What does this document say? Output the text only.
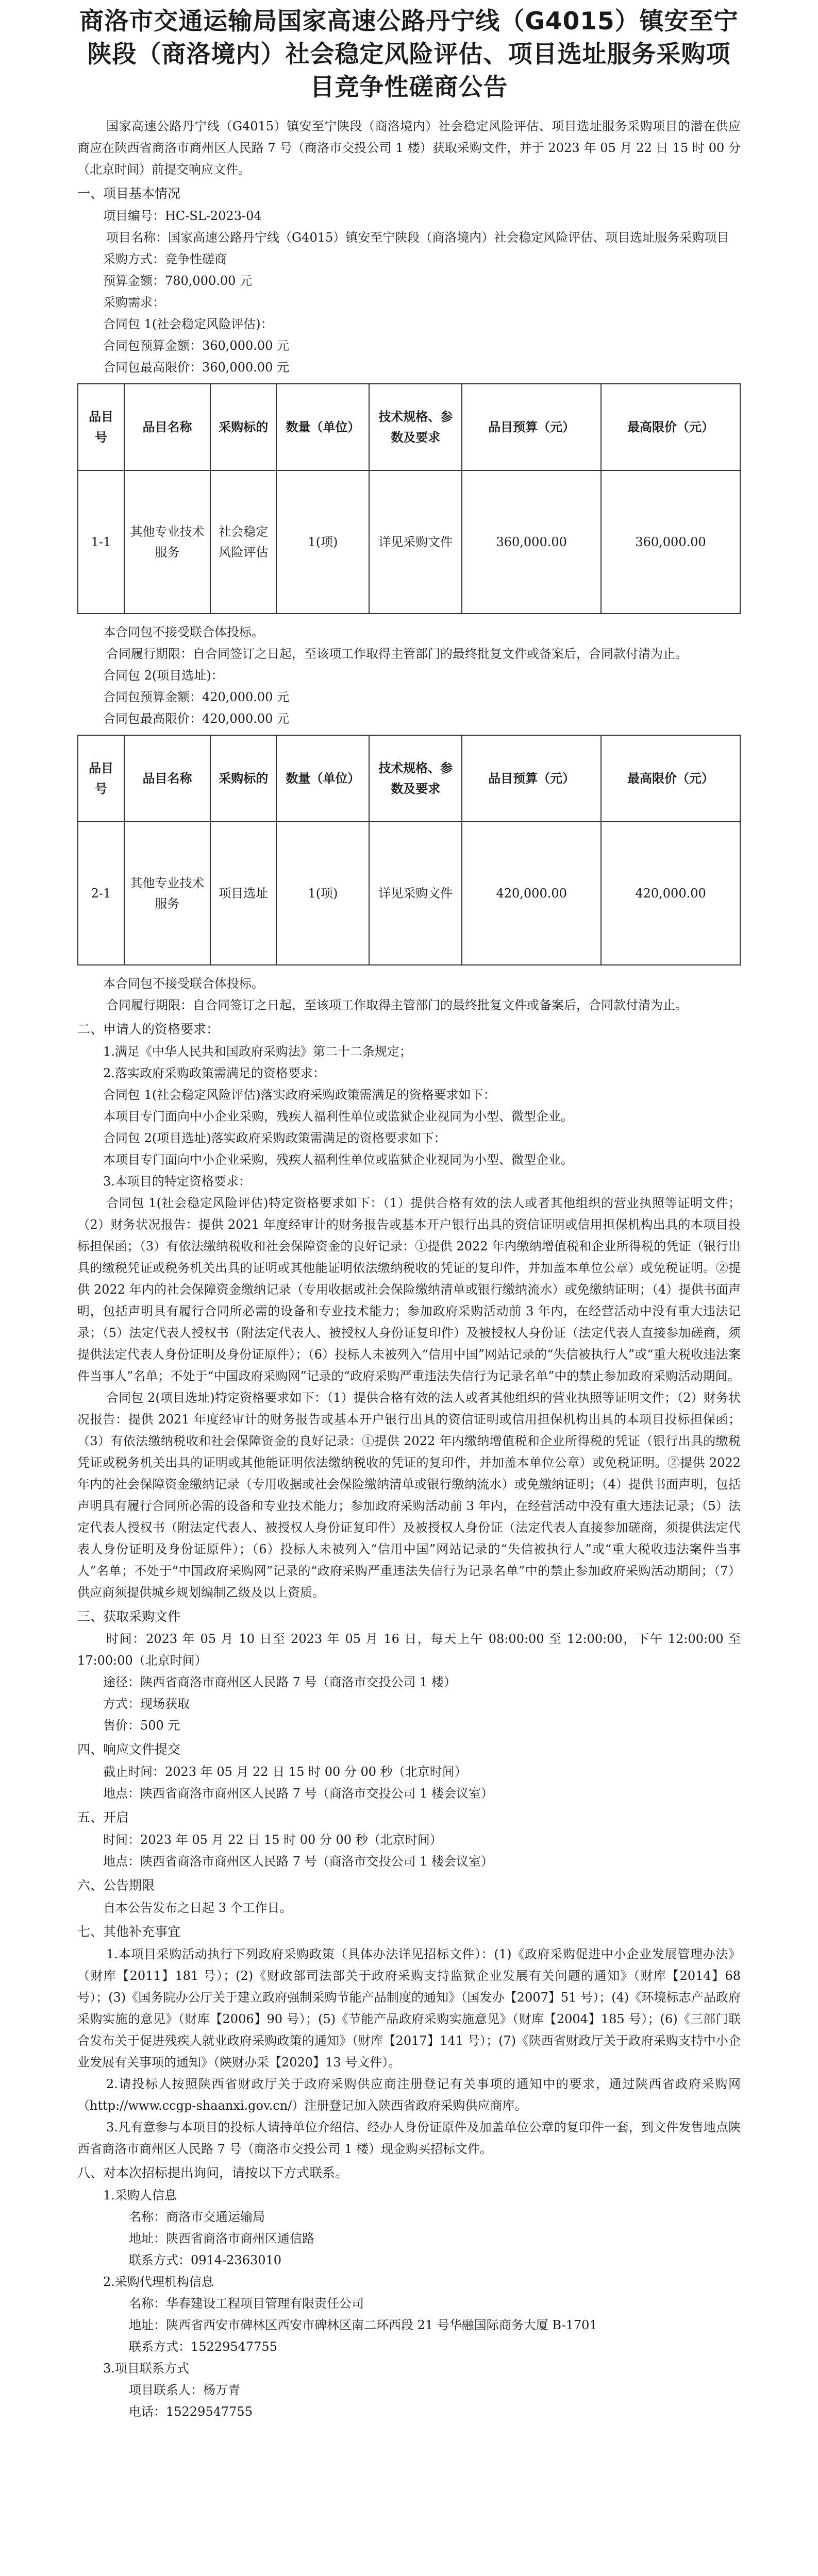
商洛市交通运输局国家高速公路丹宁线（G4015）镇安至宁陕段（商洛境内）社会稳定风险评估、项目选址服务采购项目竞争性磋商公告

国家高速公路丹宁线（G4015）镇安至宁陕段（商洛境内）社会稳定风险评估、项目选址服务采购项目的潜在供应商应在陕西省商洛市商州区人民路 7 号（商洛市交投公司 1 楼）获取采购文件，并于 2023 年 05 月 22 日 15 时 00 分（北京时间）前提交响应文件。

一、项目基本情况
项目编号：HC-SL-2023-04
项目名称：国家高速公路丹宁线（G4015）镇安至宁陕段（商洛境内）社会稳定风险评估、项目选址服务采购项目
采购方式：竞争性磋商
预算金额：780,000.00 元
采购需求：
合同包 1(社会稳定风险评估)：
合同包预算金额：360,000.00 元
合同包最高限价：360,000.00 元
品目号	品目名称	采购标的	数量（单位）	技术规格、参数及要求	品目预算（元）	最高限价（元）
1-1	其他专业技术服务	社会稳定风险评估	1(项)	详见采购文件	360,000.00	360,000.00
本合同包不接受联合体投标。
合同履行期限：自合同签订之日起，至该项工作取得主管部门的最终批复文件或备案后，合同款付清为止。
合同包 2(项目选址)：
合同包预算金额：420,000.00 元
合同包最高限价：420,000.00 元
品目号	品目名称	采购标的	数量（单位）	技术规格、参数及要求	品目预算（元）	最高限价（元）
2-1	其他专业技术服务	项目选址	1(项)	详见采购文件	420,000.00	420,000.00
本合同包不接受联合体投标。
合同履行期限：自合同签订之日起，至该项工作取得主管部门的最终批复文件或备案后，合同款付清为止。
二、申请人的资格要求：
1.满足《中华人民共和国政府采购法》第二十二条规定；
2.落实政府采购政策需满足的资格要求：
合同包 1(社会稳定风险评估)落实政府采购政策需满足的资格要求如下：
本项目专门面向中小企业采购，残疾人福利性单位或监狱企业视同为小型、微型企业。
合同包 2(项目选址)落实政府采购政策需满足的资格要求如下：
本项目专门面向中小企业采购，残疾人福利性单位或监狱企业视同为小型、微型企业。
3.本项目的特定资格要求：

合同包 1(社会稳定风险评估)特定资格要求如下：（1）提供合格有效的法人或者其他组织的营业执照等证明文件；（2）财务状况报告：提供 2021 年度经审计的财务报告或基本开户银行出具的资信证明或信用担保机构出具的本项目投标担保函；（3）有依法缴纳税收和社会保障资金的良好记录：①提供 2022 年内缴纳增值税和企业所得税的凭证（银行出具的缴税凭证或税务机关出具的证明或其他能证明依法缴纳税收的凭证的复印件，并加盖本单位公章）或免税证明。②提供 2022 年内的社会保障资金缴纳记录（专用收据或社会保险缴纳清单或银行缴纳流水）或免缴纳证明；（4）提供书面声明，包括声明具有履行合同所必需的设备和专业技术能力；参加政府采购活动前 3 年内，在经营活动中没有重大违法记录；（5）法定代表人授权书（附法定代表人、被授权人身份证复印件）及被授权人身份证（法定代表人直接参加磋商，须提供法定代表人身份证明及身份证原件）；（6）投标人未被列入“信用中国”网站记录的“失信被执行人”或“重大税收违法案件当事人”名单；不处于“中国政府采购网”记录的“政府采购严重违法失信行为记录名单”中的禁止参加政府采购活动期间。

合同包 2(项目选址)特定资格要求如下：（1）提供合格有效的法人或者其他组织的营业执照等证明文件；（2）财务状况报告：提供 2021 年度经审计的财务报告或基本开户银行出具的资信证明或信用担保机构出具的本项目投标担保函；（3）有依法缴纳税收和社会保障资金的良好记录：①提供 2022 年内缴纳增值税和企业所得税的凭证（银行出具的缴税凭证或税务机关出具的证明或其他能证明依法缴纳税收的凭证的复印件，并加盖本单位公章）或免税证明。②提供 2022 年内的社会保障资金缴纳记录（专用收据或社会保险缴纳清单或银行缴纳流水）或免缴纳证明；（4）提供书面声明，包括声明具有履行合同所必需的设备和专业技术能力；参加政府采购活动前 3 年内，在经营活动中没有重大违法记录；（5）法定代表人授权书（附法定代表人、被授权人身份证复印件）及被授权人身份证（法定代表人直接参加磋商，须提供法定代表人身份证明及身份证原件）；（6）投标人未被列入“信用中国”网站记录的“失信被执行人”或“重大税收违法案件当事人”名单；不处于“中国政府采购网”记录的“政府采购严重违法失信行为记录名单”中的禁止参加政府采购活动期间；（7）供应商须提供城乡规划编制乙级及以上资质。

三、获取采购文件
时间：2023 年 05 月 10 日至 2023 年 05 月 16 日，每天上午 08:00:00 至 12:00:00，下午 12:00:00 至 17:00:00（北京时间）
途径：陕西省商洛市商州区人民路 7 号（商洛市交投公司 1 楼）
方式：现场获取
售价：500 元
四、响应文件提交
截止时间：2023 年 05 月 22 日 15 时 00 分 00 秒（北京时间）
地点：陕西省商洛市商州区人民路 7 号（商洛市交投公司 1 楼会议室）
五、开启
时间：2023 年 05 月 22 日 15 时 00 分 00 秒（北京时间）
地点：陕西省商洛市商州区人民路 7 号（商洛市交投公司 1 楼会议室）
六、公告期限
自本公告发布之日起 3 个工作日。
七、其他补充事宜

1.本项目采购活动执行下列政府采购政策（具体办法详见招标文件）：(1)《政府采购促进中小企业发展管理办法》（财库【2011】181 号）；(2)《财政部司法部关于政府采购支持监狱企业发展有关问题的通知》（财库【2014】68 号）；(3)《国务院办公厅关于建立政府强制采购节能产品制度的通知》（国发办【2007】51 号）；(4)《环境标志产品政府采购实施的意见》（财库【2006】90 号）；(5)《节能产品政府采购实施意见》（财库【2004】185 号）；(6)《三部门联合发布关于促进残疾人就业政府采购政策的通知》（财库【2017】141 号）；(7)《陕西省财政厅关于政府采购支持中小企业发展有关事项的通知》（陕财办采【2020】13 号文件）。

2.请投标人按照陕西省财政厅关于政府采购供应商注册登记有关事项的通知中的要求，通过陕西省政府采购网（http://www.ccgp-shaanxi.gov.cn/）注册登记加入陕西省政府采购供应商库。

3.凡有意参与本项目的投标人请持单位介绍信、经办人身份证原件及加盖单位公章的复印件一套，到文件发售地点陕西省商洛市商州区人民路 7 号（商洛市交投公司 1 楼）现金购买招标文件。

八、对本次招标提出询问，请按以下方式联系。
1.采购人信息
名称：商洛市交通运输局
地址：陕西省商洛市商州区通信路
联系方式：0914-2363010
2.采购代理机构信息
名称：华春建设工程项目管理有限责任公司
地址：陕西省西安市碑林区西安市碑林区南二环西段 21 号华融国际商务大厦 B-1701
联系方式：15229547755
3.项目联系方式
项目联系人：杨万青
电话：15229547755
